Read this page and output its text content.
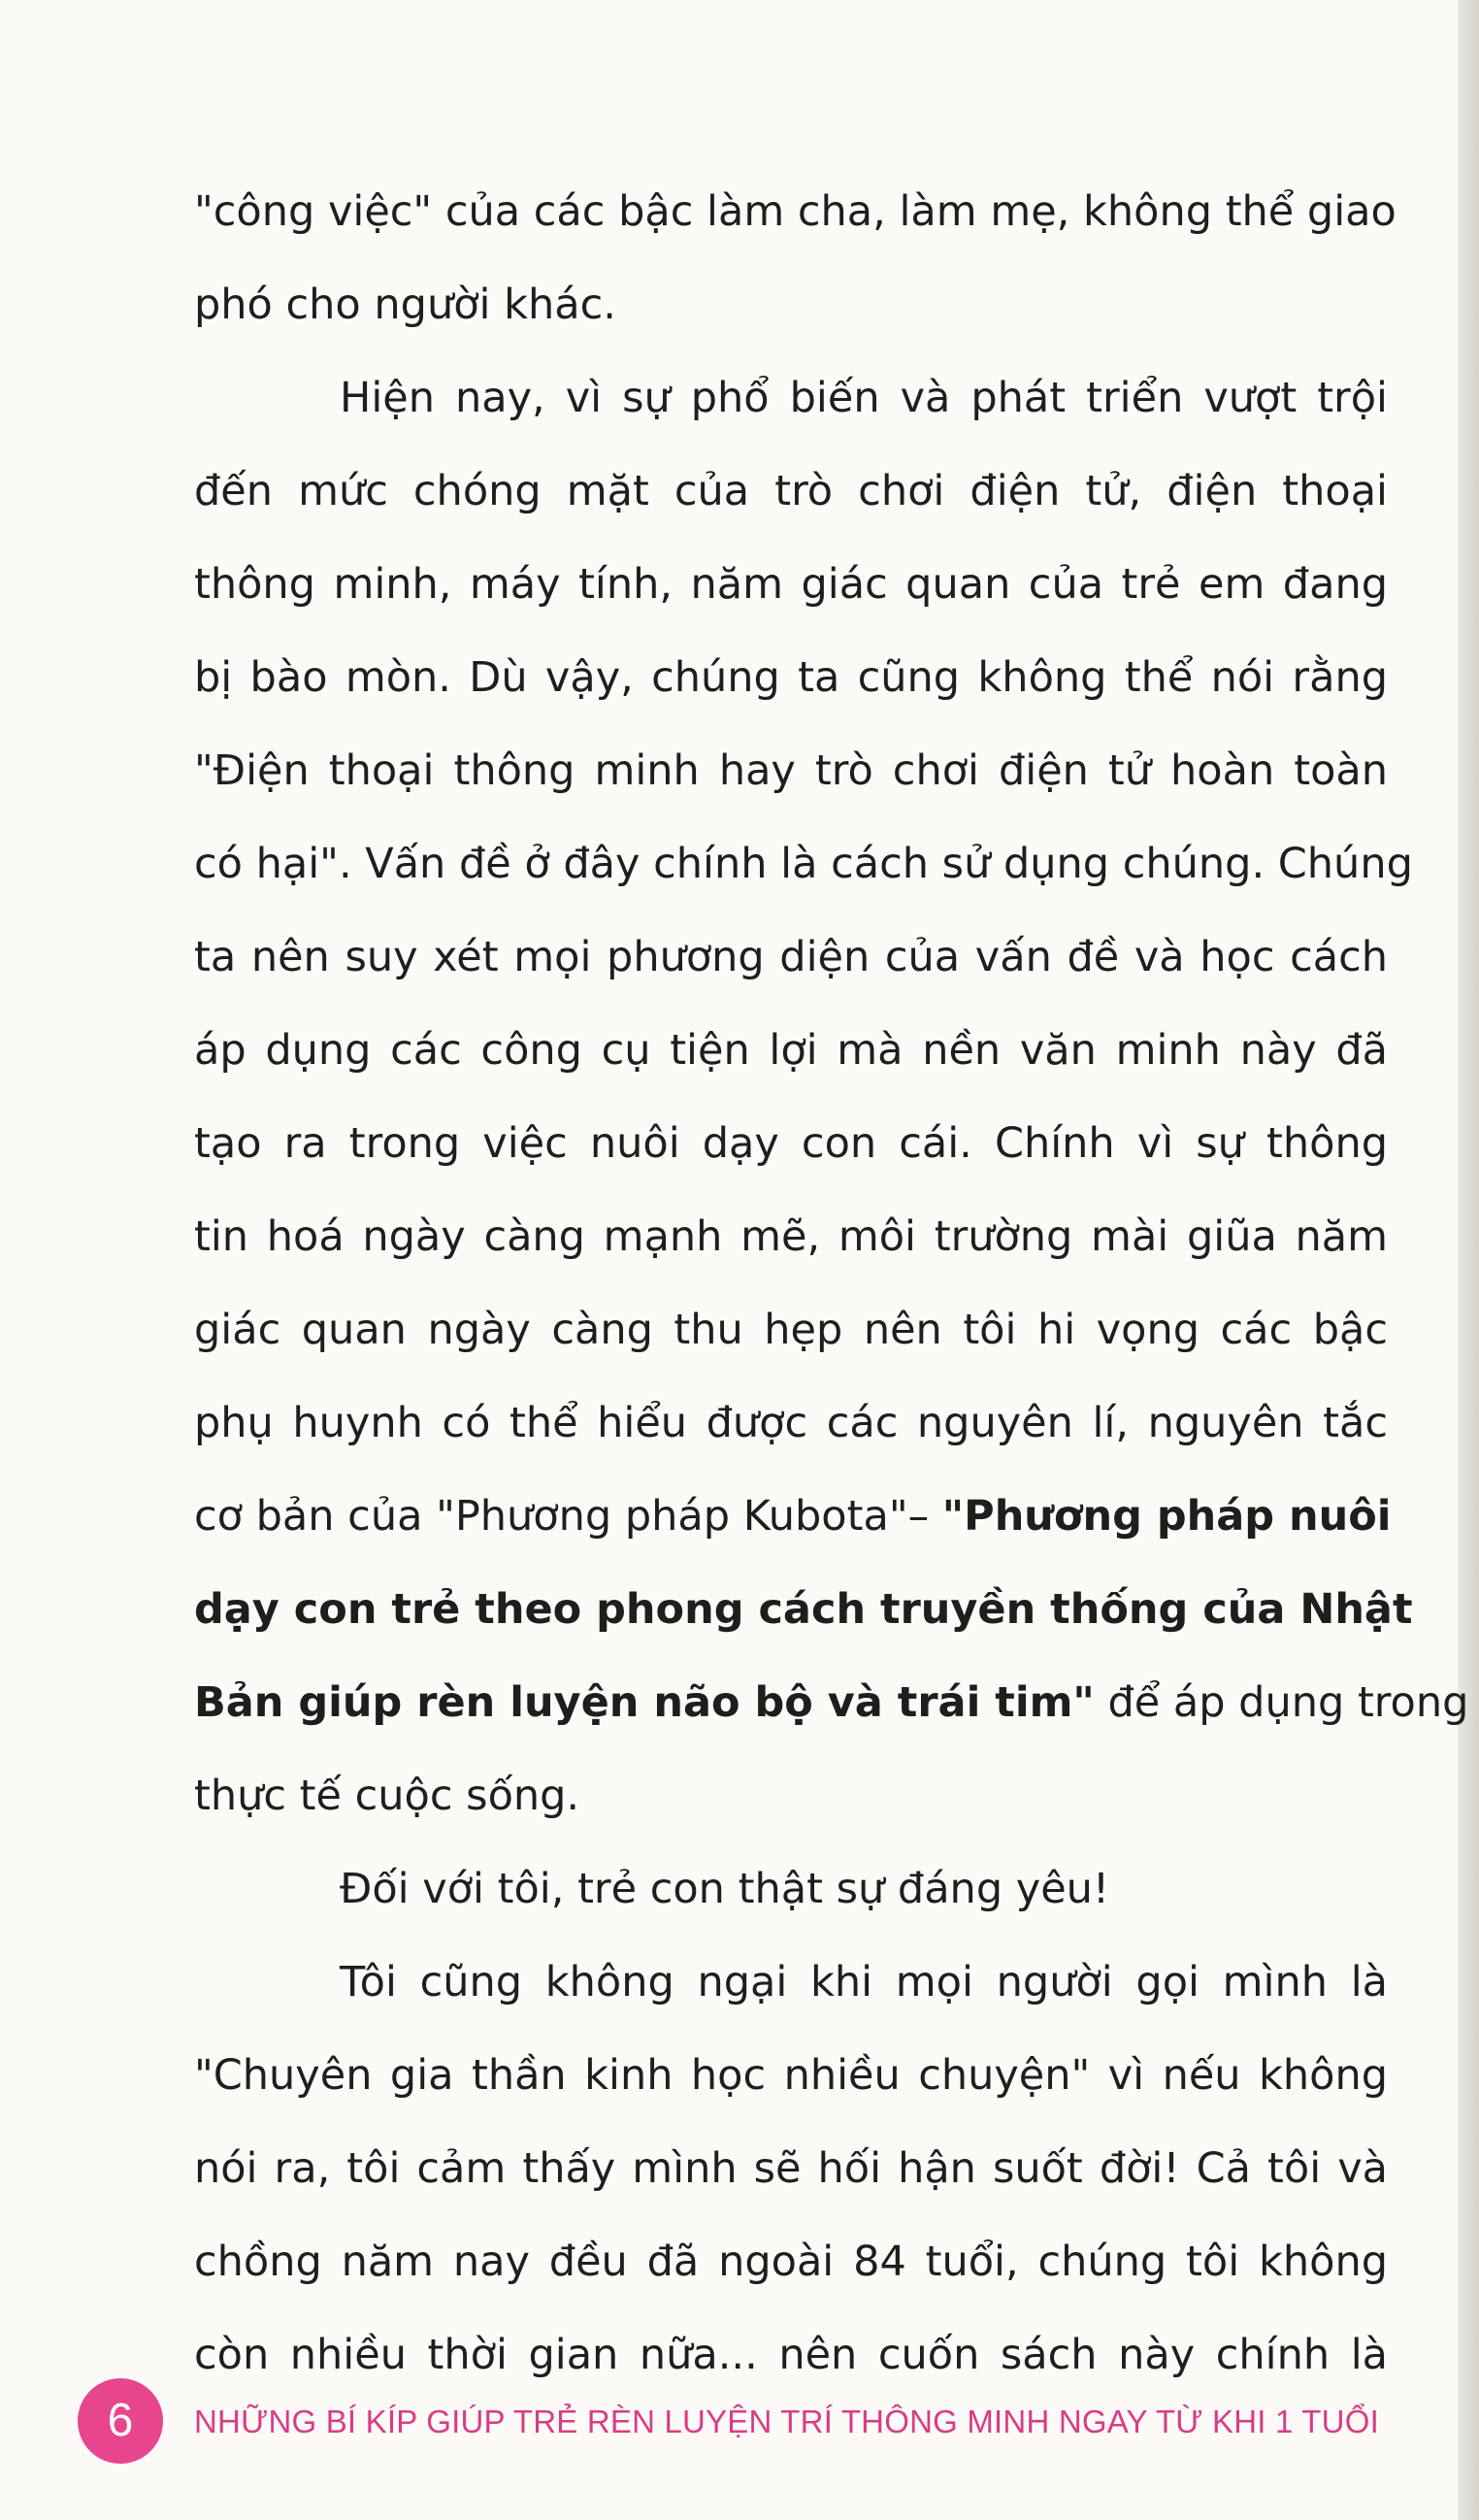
"công việc" của các bậc làm cha, làm mẹ, không thể giao
phó cho người khác.
Hiện nay, vì sự phổ biến và phát triển vượt trội
đến mức chóng mặt của trò chơi điện tử, điện thoại
thông minh, máy tính, năm giác quan của trẻ em đang
bị bào mòn. Dù vậy, chúng ta cũng không thể nói rằng
"Điện thoại thông minh hay trò chơi điện tử hoàn toàn
có hại". Vấn đề ở đây chính là cách sử dụng chúng. Chúng
ta nên suy xét mọi phương diện của vấn đề và học cách
áp dụng các công cụ tiện lợi mà nền văn minh này đã
tạo ra trong việc nuôi dạy con cái. Chính vì sự thông
tin hoá ngày càng mạnh mẽ, môi trường mài giũa năm
giác quan ngày càng thu hẹp nên tôi hi vọng các bậc
phụ huynh có thể hiểu được các nguyên lí, nguyên tắc
cơ bản của "Phương pháp Kubota"– "Phương pháp nuôi
dạy con trẻ theo phong cách truyền thống của Nhật
Bản giúp rèn luyện não bộ và trái tim" để áp dụng trong
thực tế cuộc sống.
Đối với tôi, trẻ con thật sự đáng yêu!
Tôi cũng không ngại khi mọi người gọi mình là
"Chuyên gia thần kinh học nhiều chuyện" vì nếu không
nói ra, tôi cảm thấy mình sẽ hối hận suốt đời! Cả tôi và
chồng năm nay đều đã ngoài 84 tuổi, chúng tôi không
còn nhiều thời gian nữa... nên cuốn sách này chính là
6	NHỮNG BÍ KÍP GIÚP TRẺ RÈN LUYỆN TRÍ THÔNG MINH NGAY TỪ KHI 1 TUỔI
